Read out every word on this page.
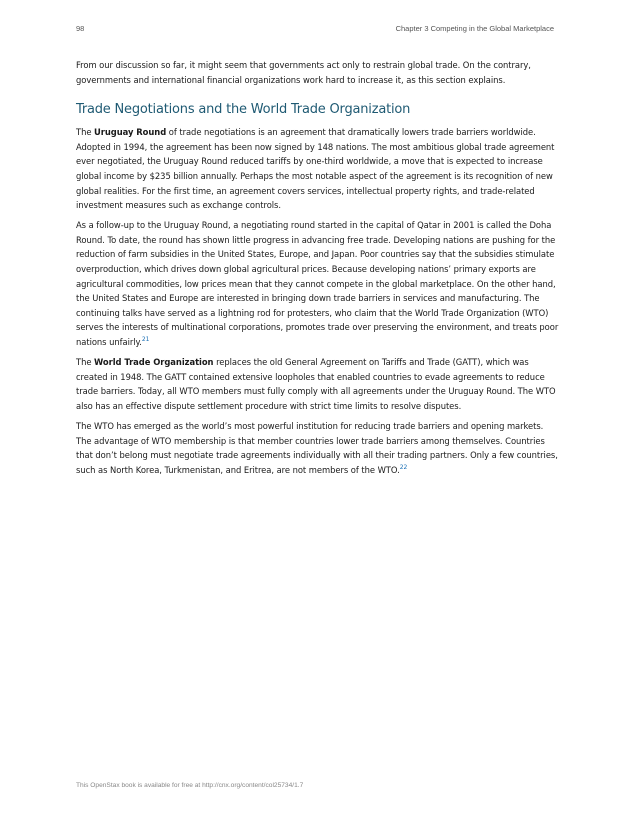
98	Chapter 3 Competing in the Global Marketplace

From our discussion so far, it might seem that governments act only to restrain global trade. On the contrary, governments and international financial organizations work hard to increase it, as this section explains.

Trade Negotiations and the World Trade Organization

The Uruguay Round of trade negotiations is an agreement that dramatically lowers trade barriers worldwide. Adopted in 1994, the agreement has been now signed by 148 nations. The most ambitious global trade agreement ever negotiated, the Uruguay Round reduced tariffs by one-third worldwide, a move that is expected to increase global income by $235 billion annually. Perhaps the most notable aspect of the agreement is its recognition of new global realities. For the first time, an agreement covers services, intellectual property rights, and trade-related investment measures such as exchange controls.

As a follow-up to the Uruguay Round, a negotiating round started in the capital of Qatar in 2001 is called the Doha Round. To date, the round has shown little progress in advancing free trade. Developing nations are pushing for the reduction of farm subsidies in the United States, Europe, and Japan. Poor countries say that the subsidies stimulate overproduction, which drives down global agricultural prices. Because developing nations’ primary exports are agricultural commodities, low prices mean that they cannot compete in the global marketplace. On the other hand, the United States and Europe are interested in bringing down trade barriers in services and manufacturing. The continuing talks have served as a lightning rod for protesters, who claim that the World Trade Organization (WTO) serves the interests of multinational corporations, promotes trade over preserving the environment, and treats poor nations unfairly.$^{21}$

The World Trade Organization replaces the old General Agreement on Tariffs and Trade (GATT), which was created in 1948. The GATT contained extensive loopholes that enabled countries to evade agreements to reduce trade barriers. Today, all WTO members must fully comply with all agreements under the Uruguay Round. The WTO also has an effective dispute settlement procedure with strict time limits to resolve disputes.

The WTO has emerged as the world’s most powerful institution for reducing trade barriers and opening markets. The advantage of WTO membership is that member countries lower trade barriers among themselves. Countries that don’t belong must negotiate trade agreements individually with all their trading partners. Only a few countries, such as North Korea, Turkmenistan, and Eritrea, are not members of the WTO.$^{22}$

This OpenStax book is available for free at http://cnx.org/content/col25734/1.7
